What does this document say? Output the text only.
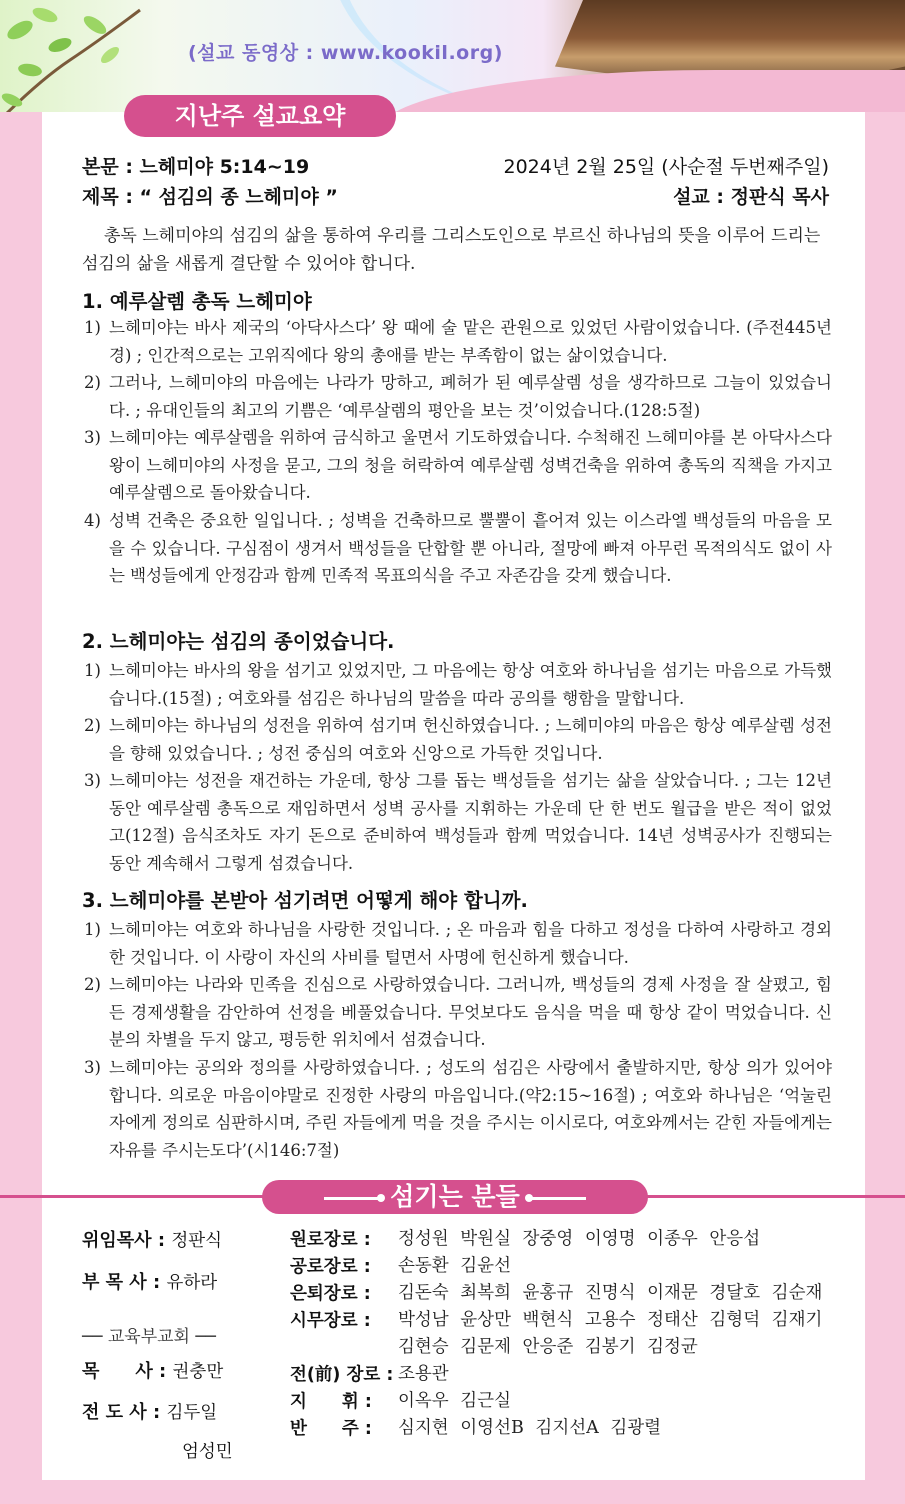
(설교 동영상 : www.kookil.org)
지난주 설교요약
본문 : 느헤미야 5:14∼19	2024년 2월 25일 (사순절 두번째주일)
제목 : “ 섬김의 종 느헤미야 ”	설교 : 정판식 목사
총독 느헤미야의 섬김의 삶을 통하여 우리를 그리스도인으로 부르신 하나님의 뜻을 이루어 드리는 섬김의 삶을 새롭게 결단할 수 있어야 합니다.
1. 예루살렘 총독 느헤미야
1) 느헤미야는 바사 제국의 ‘아닥사스다’ 왕 때에 술 맡은 관원으로 있었던 사람이었습니다. (주전445년경) ; 인간적으로는 고위직에다 왕의 총애를 받는 부족함이 없는 삶이었습니다.
2) 그러나, 느헤미야의 마음에는 나라가 망하고, 폐허가 된 예루살렘 성을 생각하므로 그늘이 있었습니다. ; 유대인들의 최고의 기쁨은 ‘예루살렘의 평안을 보는 것’이었습니다.(128:5절)
3) 느헤미야는 예루살렘을 위하여 금식하고 울면서 기도하였습니다. 수척해진 느헤미야를 본 아닥사스다 왕이 느헤미야의 사정을 묻고, 그의 청을 허락하여 예루살렘 성벽건축을 위하여 총독의 직책을 가지고 예루살렘으로 돌아왔습니다.
4) 성벽 건축은 중요한 일입니다. ; 성벽을 건축하므로 뿔뿔이 흩어져 있는 이스라엘 백성들의 마음을 모을 수 있습니다. 구심점이 생겨서 백성들을 단합할 뿐 아니라, 절망에 빠져 아무런 목적의식도 없이 사는 백성들에게 안정감과 함께 민족적 목표의식을 주고 자존감을 갖게 했습니다.
2. 느헤미야는 섬김의 종이었습니다.
1) 느헤미야는 바사의 왕을 섬기고 있었지만, 그 마음에는 항상 여호와 하나님을 섬기는 마음으로 가득했습니다.(15절) ; 여호와를 섬김은 하나님의 말씀을 따라 공의를 행함을 말합니다.
2) 느헤미야는 하나님의 성전을 위하여 섬기며 헌신하였습니다. ; 느헤미야의 마음은 항상 예루살렘 성전을 향해 있었습니다. ; 성전 중심의 여호와 신앙으로 가득한 것입니다.
3) 느헤미야는 성전을 재건하는 가운데, 항상 그를 돕는 백성들을 섬기는 삶을 살았습니다. ; 그는 12년 동안 예루살렘 총독으로 재임하면서 성벽 공사를 지휘하는 가운데 단 한 번도 월급을 받은 적이 없었고(12절) 음식조차도 자기 돈으로 준비하여 백성들과 함께 먹었습니다. 14년 성벽공사가 진행되는 동안 계속해서 그렇게 섬겼습니다.
3. 느헤미야를 본받아 섬기려면 어떻게 해야 합니까.
1) 느헤미야는 여호와 하나님을 사랑한 것입니다. ; 온 마음과 힘을 다하고 정성을 다하여 사랑하고 경외한 것입니다. 이 사랑이 자신의 사비를 털면서 사명에 헌신하게 했습니다.
2) 느헤미야는 나라와 민족을 진심으로 사랑하였습니다. 그러니까, 백성들의 경제 사정을 잘 살폈고, 힘든 경제생활을 감안하여 선정을 베풀었습니다. 무엇보다도 음식을 먹을 때 항상 같이 먹었습니다. 신분의 차별을 두지 않고, 평등한 위치에서 섬겼습니다.
3) 느헤미야는 공의와 정의를 사랑하였습니다. ; 성도의 섬김은 사랑에서 출발하지만, 항상 의가 있어야 합니다. 의로운 마음이야말로 진정한 사랑의 마음입니다.(약2:15∼16절) ; 여호와 하나님은 ‘억눌린 자에게 정의로 심판하시며, 주린 자들에게 먹을 것을 주시는 이시로다, 여호와께서는 갇힌 자들에게는 자유를 주시는도다’(시146:7절)
섬기는 분들
위임목사 : 정판식
부 목 사 : 유하라
── 교육부교회 ──
목　　사 : 권충만
전 도 사 : 김두일
엄성민
원로장로 : 정성원 박원실 장중영 이영명 이종우 안응섭
공로장로 : 손동환 김윤선
은퇴장로 : 김돈숙 최복희 윤홍규 진명식 이재문 경달호 김순재
시무장로 : 박성남 윤상만 백현식 고용수 정태산 김형덕 김재기 김현승 김문제 안응준 김봉기 김정균
전(前) 장로 : 조용관
지　　휘 : 이옥우 김근실
반　　주 : 심지현 이영선B 김지선A 김광렬
